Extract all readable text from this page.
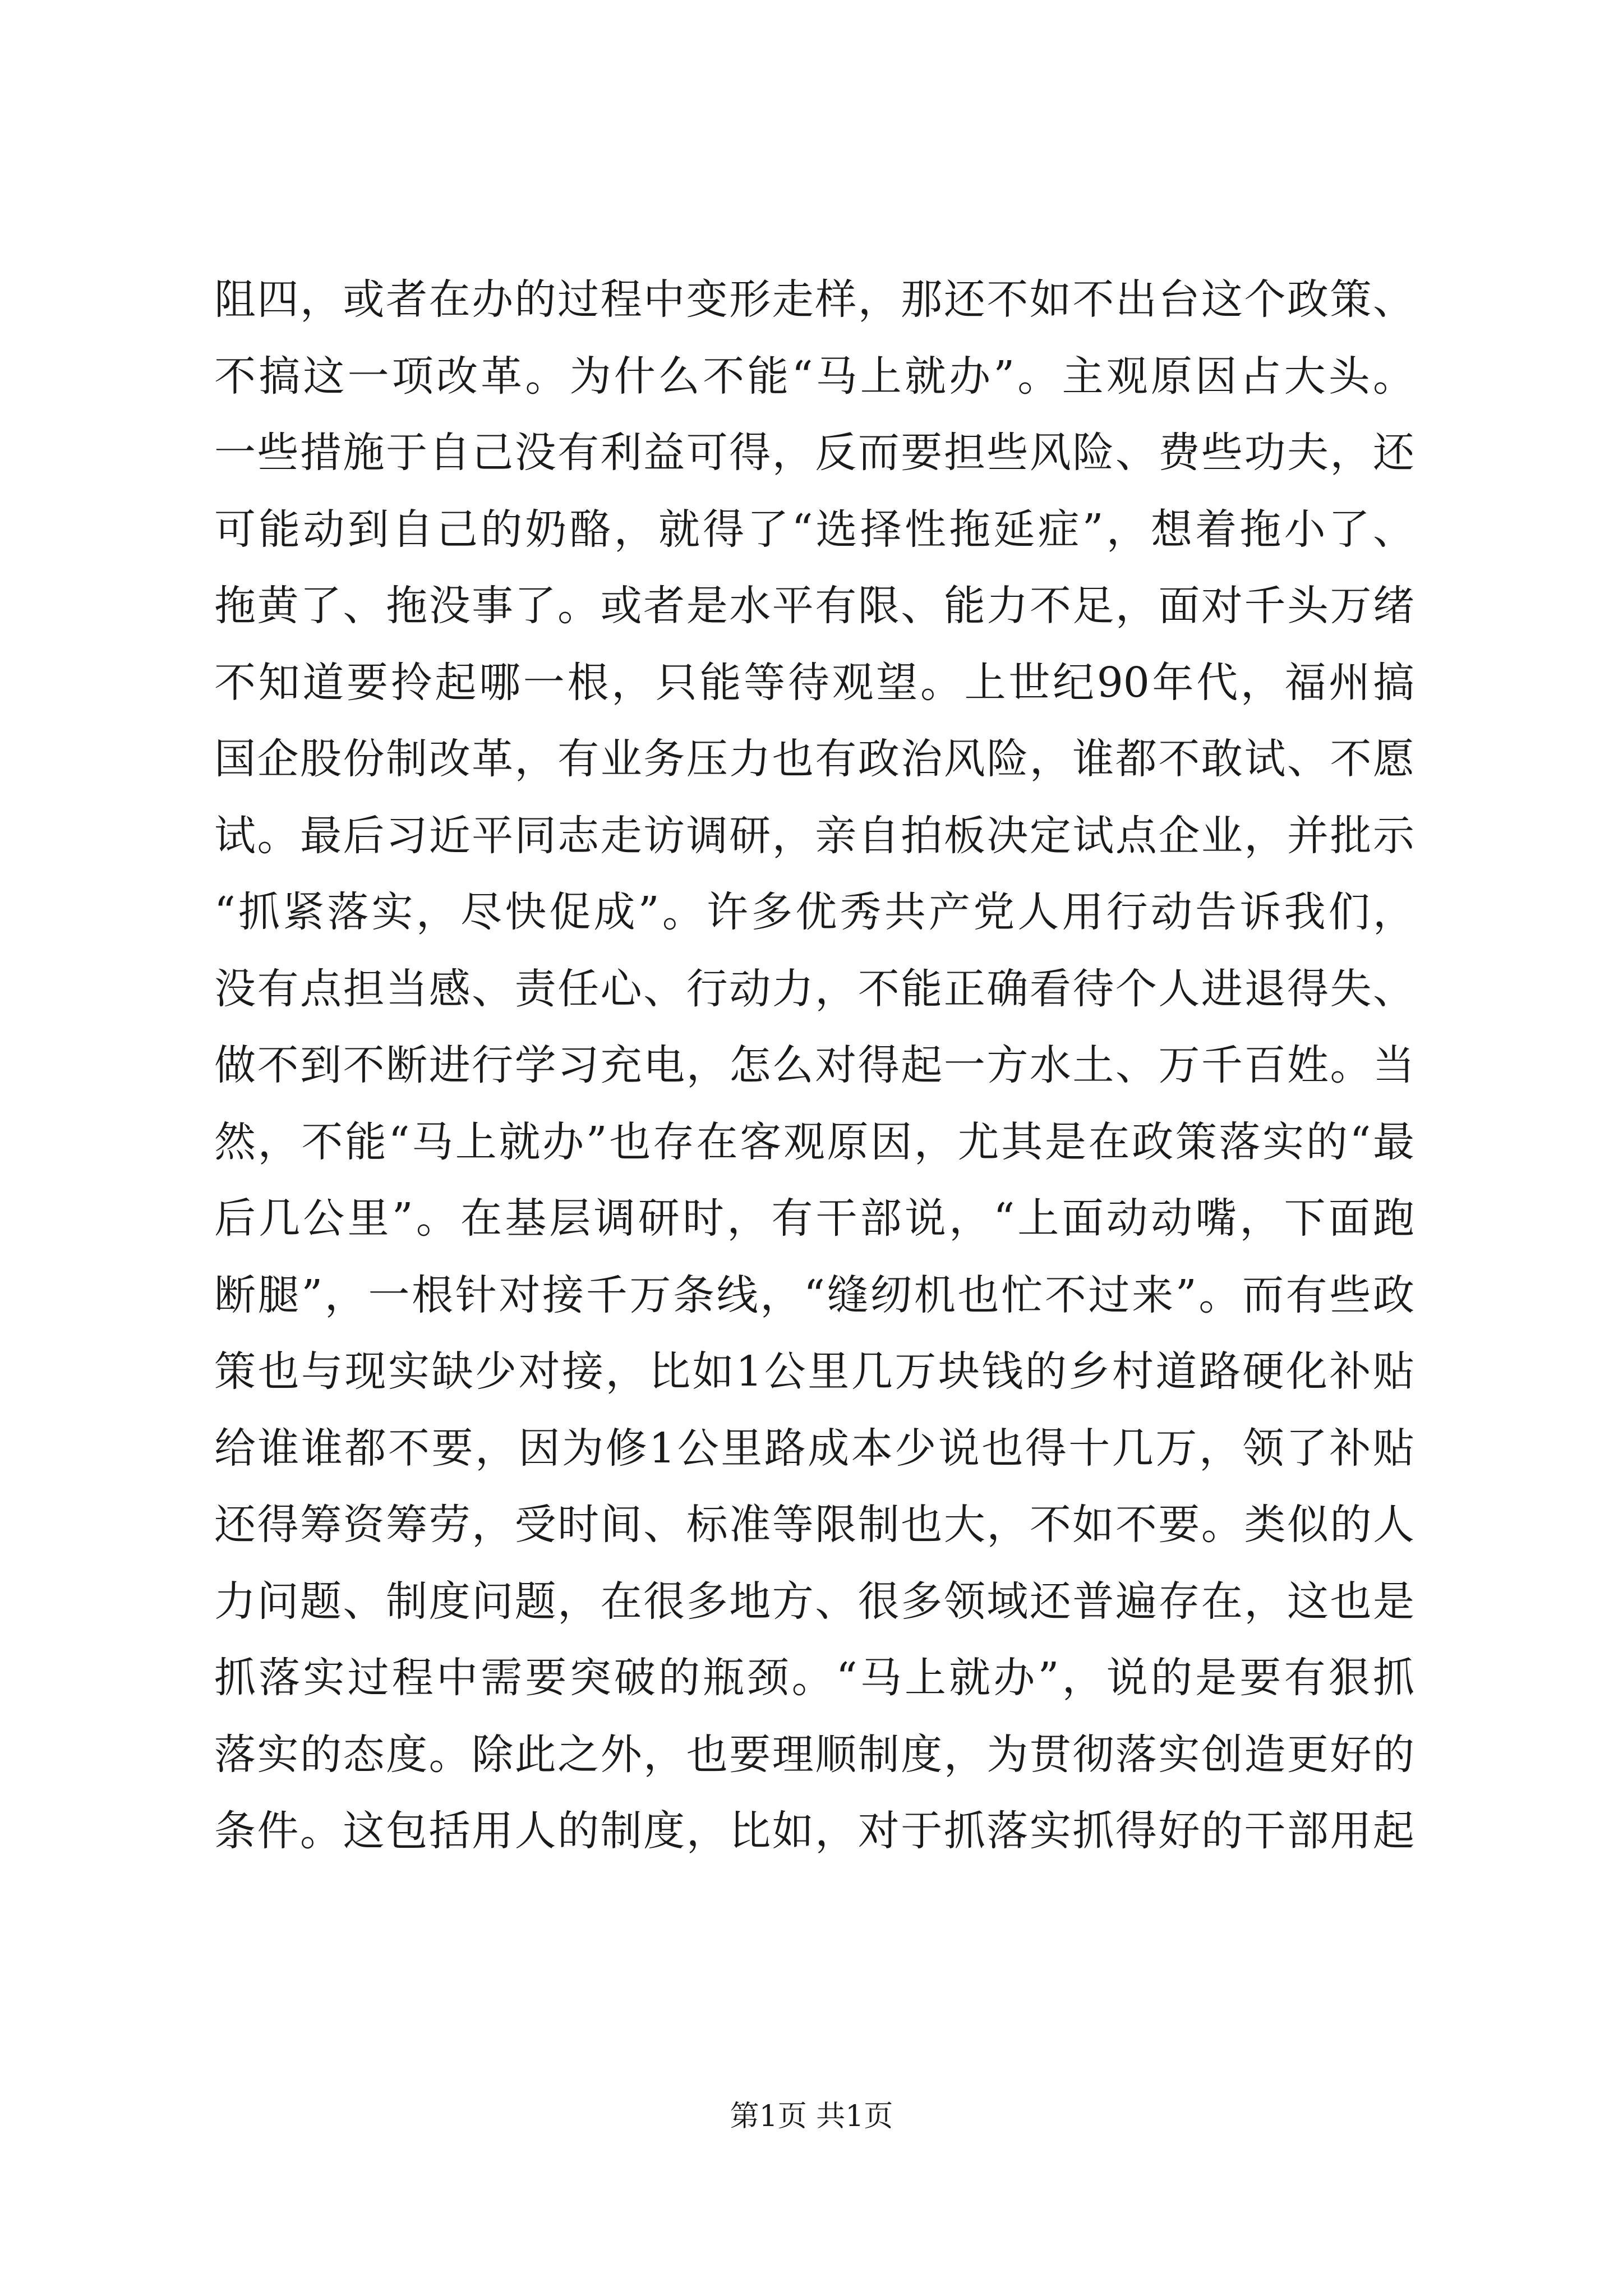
阻四，或者在办的过程中变形走样，那还不如不出台这个政策、
不搞这一项改革。为什么不能“马上就办”。主观原因占大头。
一些措施于自己没有利益可得，反而要担些风险、费些功夫，还
可能动到自己的奶酪，就得了“选择性拖延症”，想着拖小了、
拖黄了、拖没事了。或者是水平有限、能力不足，面对千头万绪
不知道要拎起哪一根，只能等待观望。上世纪90年代，福州搞
国企股份制改革，有业务压力也有政治风险，谁都不敢试、不愿
试。最后习近平同志走访调研，亲自拍板决定试点企业，并批示
“抓紧落实，尽快促成”。许多优秀共产党人用行动告诉我们，
没有点担当感、责任心、行动力，不能正确看待个人进退得失、
做不到不断进行学习充电，怎么对得起一方水土、万千百姓。当
然，不能“马上就办”也存在客观原因，尤其是在政策落实的“最
后几公里”。在基层调研时，有干部说，“上面动动嘴，下面跑
断腿”，一根针对接千万条线，“缝纫机也忙不过来”。而有些政
策也与现实缺少对接，比如1公里几万块钱的乡村道路硬化补贴
给谁谁都不要，因为修1公里路成本少说也得十几万，领了补贴
还得筹资筹劳，受时间、标准等限制也大，不如不要。类似的人
力问题、制度问题，在很多地方、很多领域还普遍存在，这也是
抓落实过程中需要突破的瓶颈。“马上就办”，说的是要有狠抓
落实的态度。除此之外，也要理顺制度，为贯彻落实创造更好的
条件。这包括用人的制度，比如，对于抓落实抓得好的干部用起
第1页 共1页
